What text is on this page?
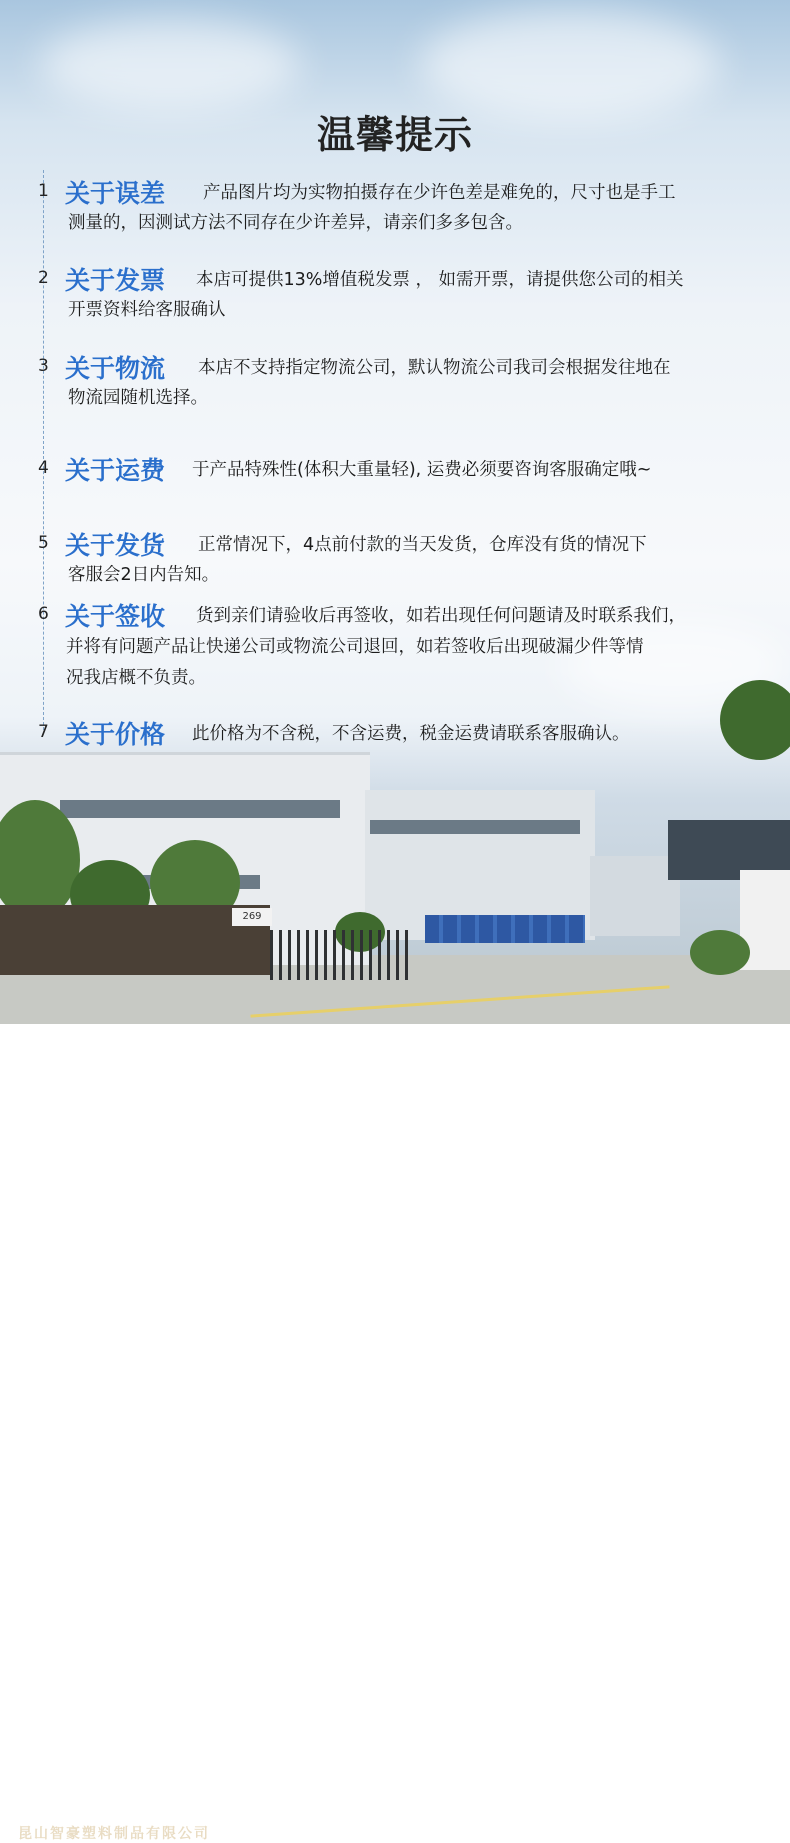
昆山智豪塑料制品有限公司
269
温馨提示
1 关于误差 产品图片均为实物拍摄存在少许色差是难免的，尺寸也是手工
测量的，因测试方法不同存在少许差异，请亲们多多包含。
2 关于发票 本店可提供13%增值税发票 ， 如需开票，请提供您公司的相关
开票资料给客服确认
3 关于物流 本店不支持指定物流公司，默认物流公司我司会根据发往地在
物流园随机选择。
4 关于运费 于产品特殊性(体积大重量轻), 运费必须要咨询客服确定哦~
5 关于发货 正常情况下，4点前付款的当天发货，仓库没有货的情况下
客服会2日内告知。
6 关于签收 货到亲们请验收后再签收，如若出现任何问题请及时联系我们，
并将有问题产品让快递公司或物流公司退回，如若签收后出现破漏少件等情
况我店概不负责。
7 关于价格 此价格为不含税，不含运费，税金运费请联系客服确认。
